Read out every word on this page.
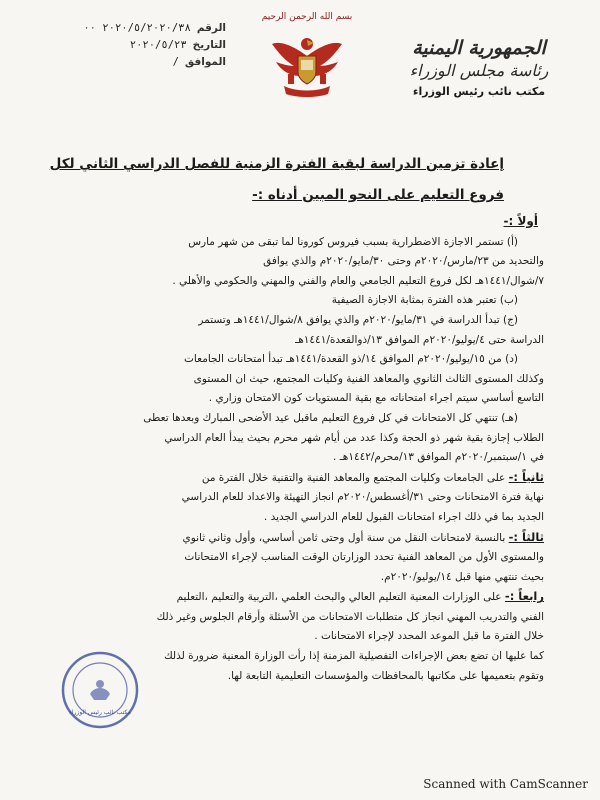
الجمهورية اليمنية
رئاسة مجلس الوزراء
مكتب نائب رئيس الوزراء
بسم الله الرحمن الرحيم
الرقم
٢٠٢٠/٥/٢٠٢٠/٣٨ ٠٠
التاريخ
٢٠٢٠/٥/٢٣
الموافق
/
إعادة تزمين الدراسة لبقية الفترة الزمنية للفصل الدراسي الثاني لكل
فروع التعليم على النحو المبين أدناه :-

أولاً :-

(أ) تستمر الاجازة الاضطرارية بسبب فيروس كورونا لما تبقى من شهر مارس

والتحديد من ٢٣/مارس/٢٠٢٠م وحتى ٣٠/مايو/٢٠٢٠م والذي يوافق

٧/شوال/١٤٤١هـ لكل فروع التعليم الجامعي والعام والفني والمهني والحكومي والأهلي .

(ب) تعتبر هذه الفترة بمثابة الاجازة الصيفية

(ج) تبدأ الدراسة في ٣١/مايو/٢٠٢٠م والذي يوافق ٨/شوال/١٤٤١هـ وتستمر

الدراسة حتى ٤/يوليو/٢٠٢٠م الموافق ١٣/ذوالقعدة/١٤٤١هـ

(د) من ١٥/يوليو/٢٠٢٠م الموافق ١٤/ذو القعدة/١٤٤١هـ تبدأ امتحانات الجامعات

وكذلك المستوى الثالث الثانوي والمعاهد الفنية وكليات المجتمع، حيث ان المستوى

التاسع أساسي سيتم اجراء امتحاناته مع بقية المستويات كون الامتحان وزاري .

(هـ) تنتهي كل الامتحانات في كل فروع التعليم ماقبل عيد الأضحى المبارك وبعدها تعطى

الطلاب إجازة بقية شهر ذو الحجة وكذا عدد من أيام شهر محرم بحيث يبدأ العام الدراسي

في ١/سبتمبر/٢٠٢٠م الموافق ١٣/محرم/١٤٤٢هـ .

ثانياً :- على الجامعات وكليات المجتمع والمعاهد الفنية والتقنية خلال الفترة من

نهاية فترة الامتحانات وحتى ٣١/أغسطس/٢٠٢٠م انجاز التهيئة والاعداد للعام الدراسي

الجديد بما في ذلك اجراء امتحانات القبول للعام الدراسي الجديد .

ثالثاً :- بالنسبة لامتحانات النقل من سنة أول وحتى ثامن أساسي، وأول وثاني ثانوي

والمستوى الأول من المعاهد الفنية تحدد الوزارتان الوقت المناسب لإجراء الامتحانات

بحيث تنتهي منها قبل ١٤/يوليو/٢٠٢٠م.

رابعاً :- على الوزارات المعنية التعليم العالي والبحث العلمي ،التربية والتعليم ،التعليم

الفني والتدريب المهني انجاز كل متطلبات الامتحانات من الأسئلة وأرقام الجلوس وغير ذلك

خلال الفترة ما قبل الموعد المحدد لإجراء الامتحانات .

كما عليها ان تضع بعض الإجراءات التفصيلية المزمنة إذا رأت الوزارة المعنية ضرورة لذلك

وتقوم بتعميمها على مكاتبها بالمحافظات والمؤسسات التعليمية التابعة لها.

مكتب نائب رئيس الوزراء
Scanned with CamScanner
